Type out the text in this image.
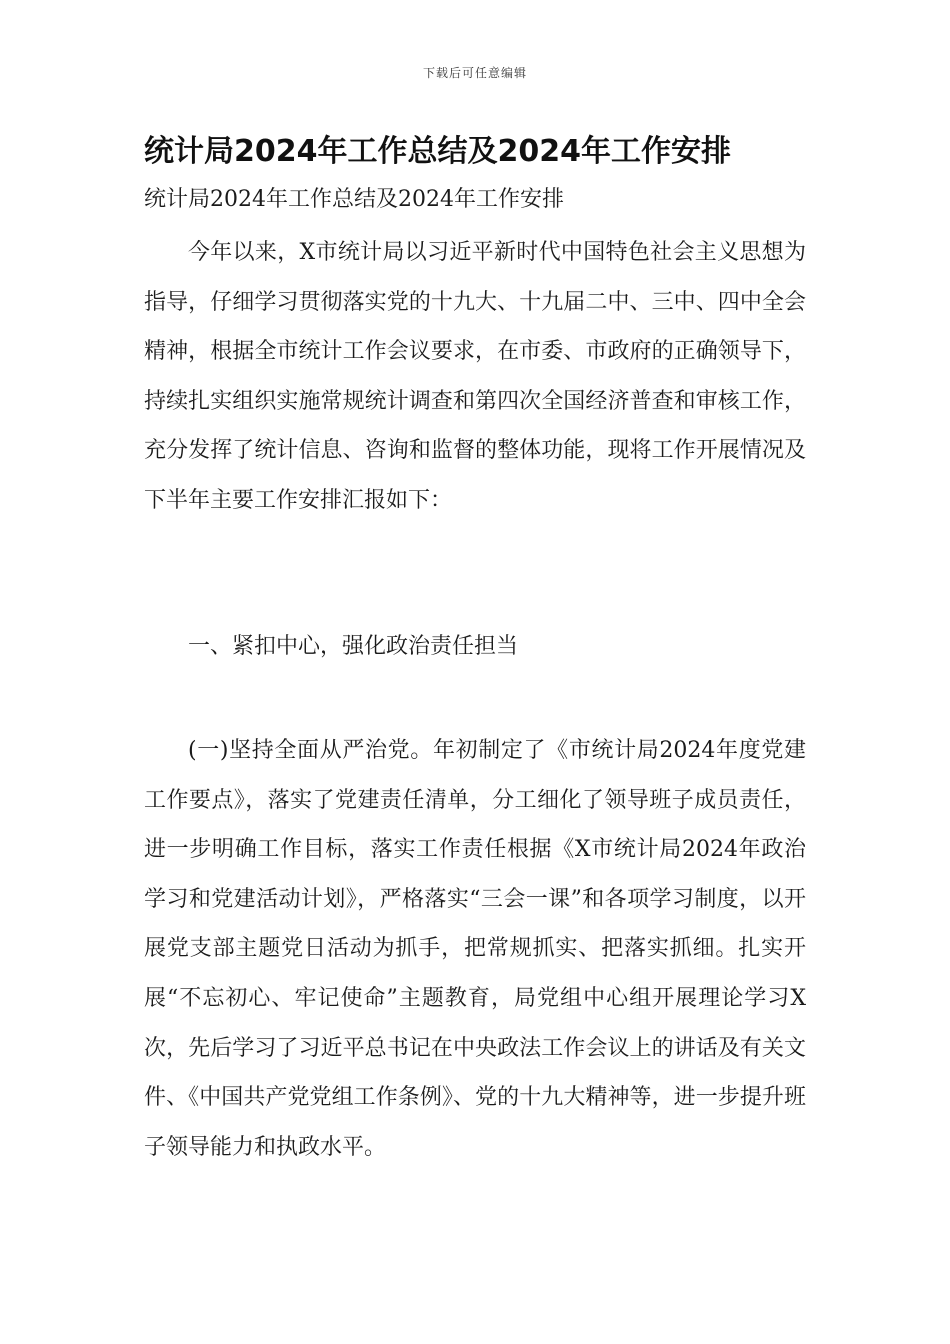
下载后可任意编辑
统计局2024年工作总结及2024年工作安排

统计局2024年工作总结及2024年工作安排

今年以来，X市统计局以习近平新时代中国特色社会主义思想为指导，仔细学习贯彻落实党的十九大、十九届二中、三中、四中全会精神，根据全市统计工作会议要求，在市委、市政府的正确领导下，持续扎实组织实施常规统计调查和第四次全国经济普查和审核工作，充分发挥了统计信息、咨询和监督的整体功能，现将工作开展情况及下半年主要工作安排汇报如下：

一、紧扣中心，强化政治责任担当

(一)坚持全面从严治党。年初制定了《市统计局2024年度党建工作要点》，落实了党建责任清单，分工细化了领导班子成员责任，进一步明确工作目标，落实工作责任根据《X市统计局2024年政治学习和党建活动计划》，严格落实“三会一课”和各项学习制度，以开展党支部主题党日活动为抓手，把常规抓实、把落实抓细。扎实开展“不忘初心、牢记使命”主题教育，局党组中心组开展理论学习X次，先后学习了习近平总书记在中央政法工作会议上的讲话及有关文件、《中国共产党党组工作条例》、党的十九大精神等，进一步提升班子领导能力和执政水平。
